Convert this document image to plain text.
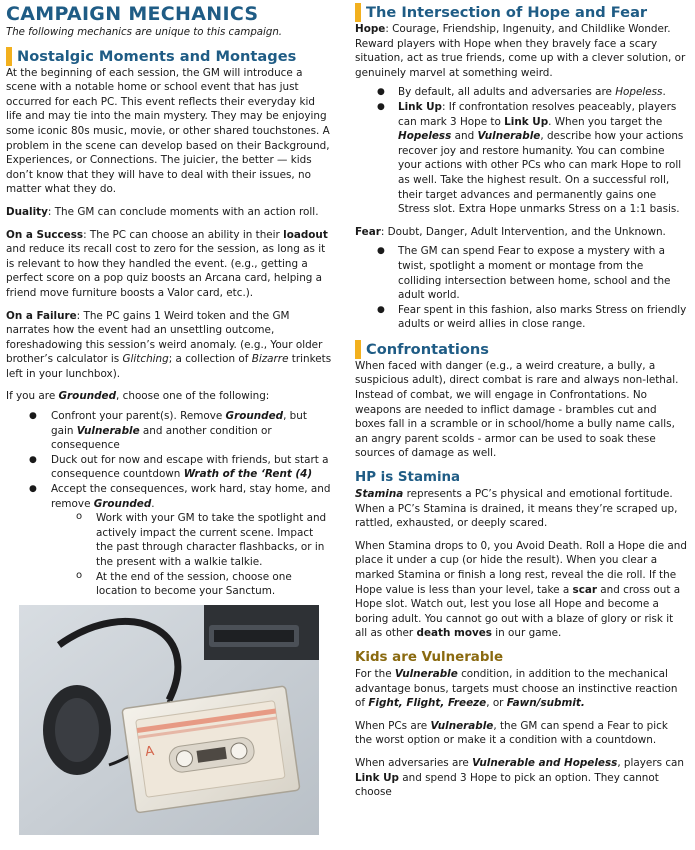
CAMPAIGN MECHANICS

The following mechanics are unique to this campaign.

Nostalgic Moments and Montages

At the beginning of each session, the GM will introduce a scene with a notable home or school event that has just occurred for each PC. This event reflects their everyday kid life and may tie into the main mystery. They may be enjoying some iconic 80s music, movie, or other shared touchstones. A problem in the scene can develop based on their Background, Experiences, or Connections. The juicier, the better — kids don’t know that they will have to deal with their issues, no matter what they do.

Duality: The GM can conclude moments with an action roll.

On a Success: The PC can choose an ability in their loadout and reduce its recall cost to zero for the session, as long as it is relevant to how they handled the event. (e.g., getting a perfect score on a pop quiz boosts an Arcana card, helping a friend move furniture boosts a Valor card, etc.).

On a Failure: The PC gains 1 Weird token and the GM narrates how the event had an unsettling outcome, foreshadowing this session’s weird anomaly. (e.g., Your older brother’s calculator is Glitching; a collection of Bizarre trinkets left in your lunchbox).

If you are Grounded, choose one of the following:

● Confront your parent(s). Remove Grounded, but gain Vulnerable and another condition or consequence
● Duck out for now and escape with friends, but start a consequence countdown Wrath of the ‘Rent (4)
● Accept the consequences, work hard, stay home, and remove Grounded.
o Work with your GM to take the spotlight and actively impact the current scene. Impact the past through character flashbacks, or in the present with a walkie talkie.
o At the end of the session, choose one location to become your Sanctum.
A
The Intersection of Hope and Fear

Hope: Courage, Friendship, Ingenuity, and Childlike Wonder. Reward players with Hope when they bravely face a scary situation, act as true friends, come up with a clever solution, or genuinely marvel at something weird.

● By default, all adults and adversaries are Hopeless.
● Link Up: If confrontation resolves peaceably, players can mark 3 Hope to Link Up. When you target the Hopeless and Vulnerable, describe how your actions recover joy and restore humanity. You can combine your actions with other PCs who can mark Hope to roll as well. Take the highest result. On a successful roll, their target advances and permanently gains one Stress slot. Extra Hope unmarks Stress on a 1:1 basis.

Fear: Doubt, Danger, Adult Intervention, and the Unknown.

● The GM can spend Fear to expose a mystery with a twist, spotlight a moment or montage from the colliding intersection between home, school and the adult world.
● Fear spent in this fashion, also marks Stress on friendly adults or weird allies in close range.
Confrontations

When faced with danger (e.g., a weird creature, a bully, a suspicious adult), direct combat is rare and always non-lethal. Instead of combat, we will engage in Confrontations. No weapons are needed to inflict damage - brambles cut and boxes fall in a scramble or in school/home a bully name calls, an angry parent scolds - armor can be used to soak these sources of damage as well.

HP is Stamina

Stamina represents a PC’s physical and emotional fortitude. When a PC’s Stamina is drained, it means they’re scraped up, rattled, exhausted, or deeply scared.

When Stamina drops to 0, you Avoid Death. Roll a Hope die and place it under a cup (or hide the result). When you clear a marked Stamina or finish a long rest, reveal the die roll. If the Hope value is less than your level, take a scar and cross out a Hope slot. Watch out, lest you lose all Hope and become a boring adult. You cannot go out with a blaze of glory or risk it all as other death moves in our game.

Kids are Vulnerable

For the Vulnerable condition, in addition to the mechanical advantage bonus, targets must choose an instinctive reaction of Fight, Flight, Freeze, or Fawn/submit.

When PCs are Vulnerable, the GM can spend a Fear to pick the worst option or make it a condition with a countdown.

When adversaries are Vulnerable and Hopeless, players can Link Up and spend 3 Hope to pick an option. They cannot choose
